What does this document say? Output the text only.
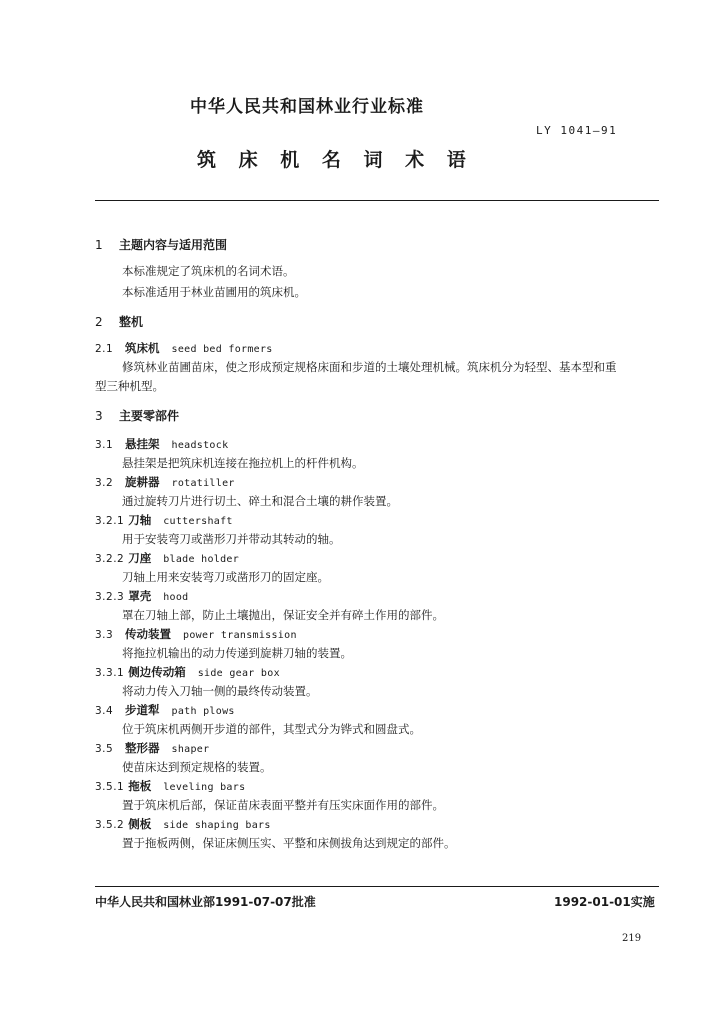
中华人民共和国林业行业标准
LY 1041—91
筑 床 机 名 词 术 语
1 主题内容与适用范围
本标准规定了筑床机的名词术语。
本标准适用于林业苗圃用的筑床机。
2 整机
2.1 筑床机 seed bed formers
修筑林业苗圃苗床，使之形成预定规格床面和步道的土壤处理机械。筑床机分为轻型、基本型和重
型三种机型。
3 主要零部件
3.1 悬挂架 headstock
悬挂架是把筑床机连接在拖拉机上的杆件机构。
3.2 旋耕器 rotatiller
通过旋转刀片进行切土、碎土和混合土壤的耕作装置。
3.2.1 刀轴 cuttershaft
用于安装弯刀或凿形刀并带动其转动的轴。
3.2.2 刀座 blade holder
刀轴上用来安装弯刀或凿形刀的固定座。
3.2.3 罩壳 hood
罩在刀轴上部，防止土壤抛出，保证安全并有碎土作用的部件。
3.3 传动装置 power transmission
将拖拉机输出的动力传递到旋耕刀轴的装置。
3.3.1 侧边传动箱 side gear box
将动力传入刀轴一侧的最终传动装置。
3.4 步道犁 path plows
位于筑床机两侧开步道的部件，其型式分为铧式和圆盘式。
3.5 整形器 shaper
使苗床达到预定规格的装置。
3.5.1 拖板 leveling bars
置于筑床机后部，保证苗床表面平整并有压实床面作用的部件。
3.5.2 侧板 side shaping bars
置于拖板两侧，保证床侧压实、平整和床侧拔角达到规定的部件。
中华人民共和国林业部1991-07-07批准	1992-01-01实施
219
